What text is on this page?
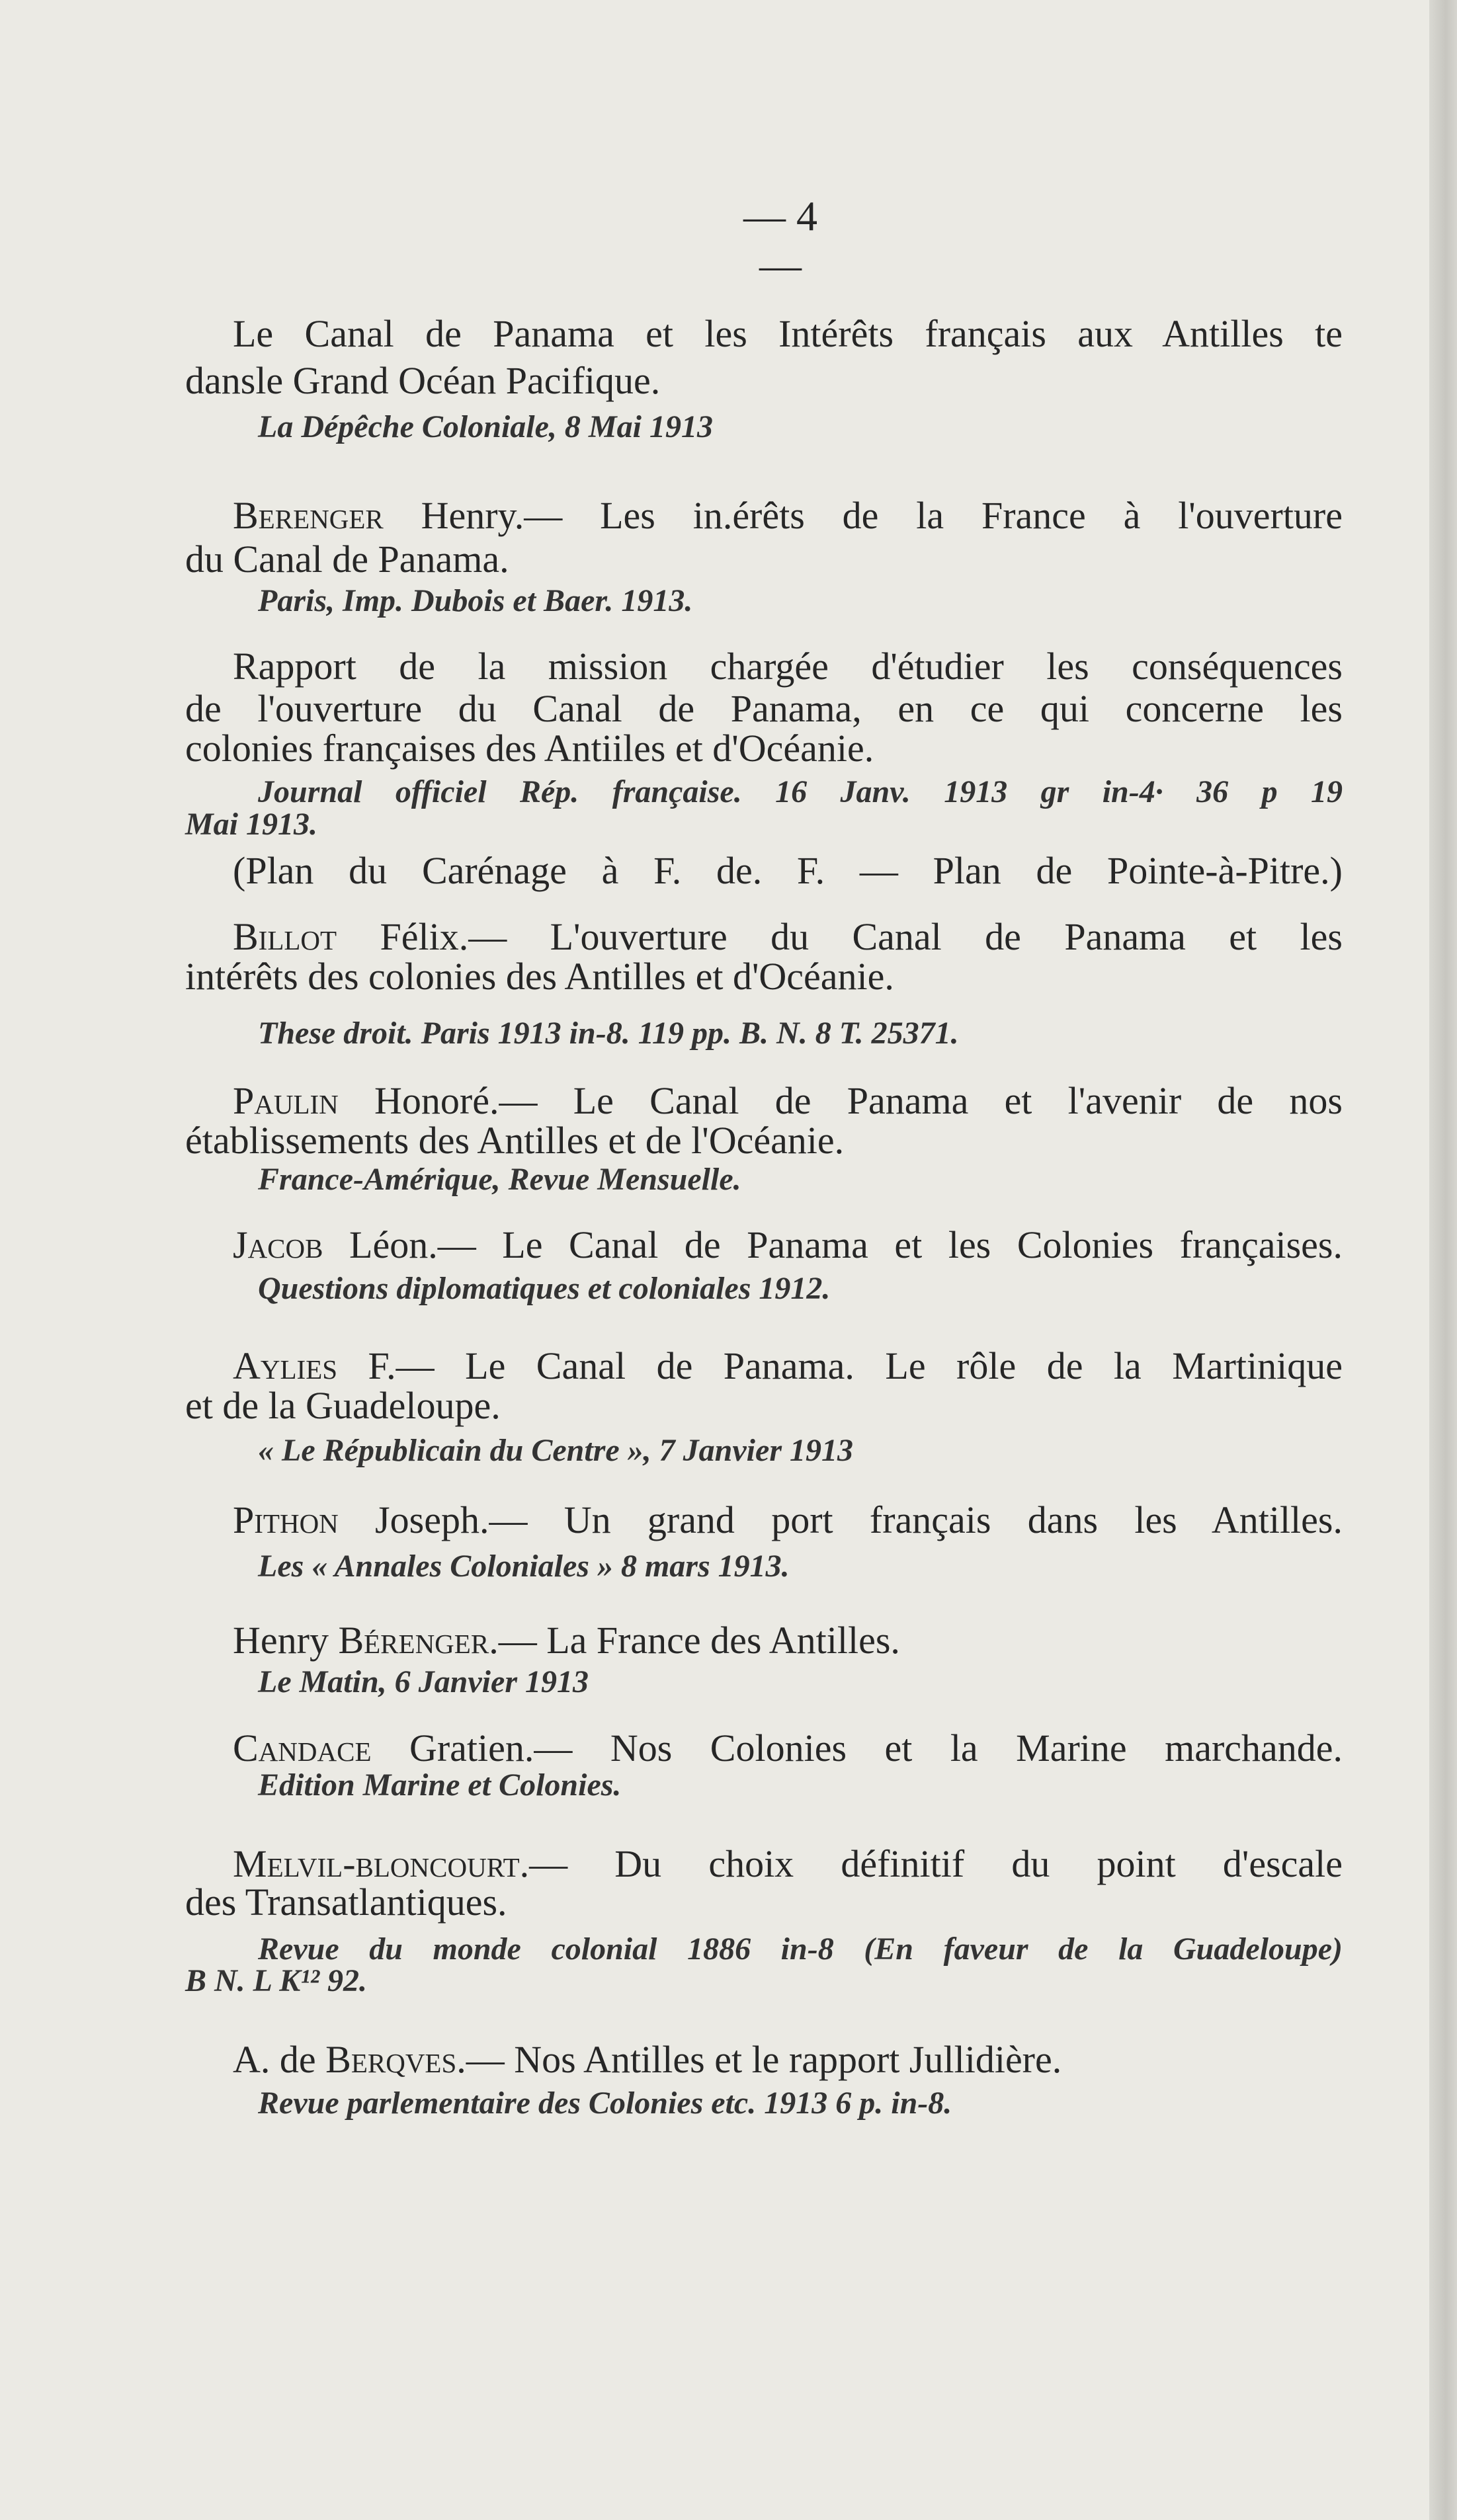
— 4 —
Le Canal de Panama et les Intérêts français aux Antilles te
dansle Grand Océan Pacifique.
La Dépêche Coloniale, 8 Mai 1913
Berenger Henry.— Les in.érêts de la France à l'ouverture
du Canal de Panama.
Paris, Imp. Dubois et Baer. 1913.
Rapport de la mission chargée d'étudier les conséquences
de l'ouverture du Canal de Panama, en ce qui concerne les
colonies françaises des Antiiles et d'Océanie.
Journal officiel Rép. française. 16 Janv. 1913 gr in-4· 36 p 19
Mai 1913.
(Plan du Carénage à F. de. F. — Plan de Pointe-à-Pitre.)
Billot Félix.— L'ouverture du Canal de Panama et les
intérêts des colonies des Antilles et d'Océanie.
These droit. Paris 1913 in-8. 119 pp. B. N. 8 T. 25371.
Paulin Honoré.— Le Canal de Panama et l'avenir de nos
établissements des Antilles et de l'Océanie.
France-Amérique, Revue Mensuelle.
Jacob Léon.— Le Canal de Panama et les Colonies françaises.
Questions diplomatiques et coloniales 1912.
Aylies F.— Le Canal de Panama. Le rôle de la Martinique
et de la Guadeloupe.
« Le Républicain du Centre », 7 Janvier 1913
Pithon Joseph.— Un grand port français dans les Antilles.
Les « Annales Coloniales » 8 mars 1913.
Henry Bérenger.— La France des Antilles.
Le Matin, 6 Janvier 1913
Candace Gratien.— Nos Colonies et la Marine marchande.
Edition Marine et Colonies.
Melvil-bloncourt.— Du choix définitif du point d'escale
des Transatlantiques.
Revue du monde colonial 1886 in-8 (En faveur de la Guadeloupe)
B N. L K¹² 92.
A. de Berqves.— Nos Antilles et le rapport Jullidière.
Revue parlementaire des Colonies etc. 1913 6 p. in-8.
